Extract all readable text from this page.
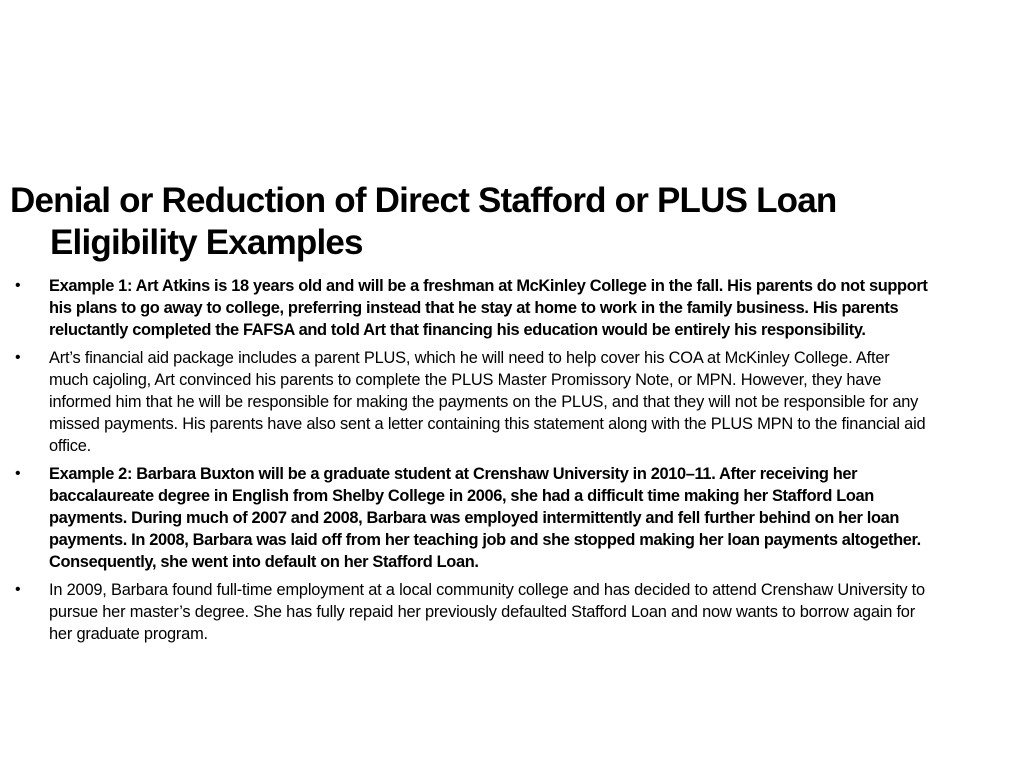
Denial or Reduction of Direct Stafford or PLUS Loan Eligibility Examples
• Example 1: Art Atkins is 18 years old and will be a freshman at McKinley College in the fall. His parents do not support his plans to go away to college, preferring instead that he stay at home to work in the family business. His parents reluctantly completed the FAFSA and told Art that financing his education would be entirely his responsibility.
• Art’s financial aid package includes a parent PLUS, which he will need to help cover his COA at McKinley College. After much cajoling, Art convinced his parents to complete the PLUS Master Promissory Note, or MPN. However, they have informed him that he will be responsible for making the payments on the PLUS, and that they will not be responsible for any missed payments. His parents have also sent a letter containing this statement along with the PLUS MPN to the financial aid office.
• Example 2: Barbara Buxton will be a graduate student at Crenshaw University in 2010–11. After receiving her baccalaureate degree in English from Shelby College in 2006, she had a difficult time making her Stafford Loan payments. During much of 2007 and 2008, Barbara was employed intermittently and fell further behind on her loan payments. In 2008, Barbara was laid off from her teaching job and she stopped making her loan payments altogether. Consequently, she went into default on her Stafford Loan.
• In 2009, Barbara found full-time employment at a local community college and has decided to attend Crenshaw University to pursue her master’s degree. She has fully repaid her previously defaulted Stafford Loan and now wants to borrow again for her graduate program.
